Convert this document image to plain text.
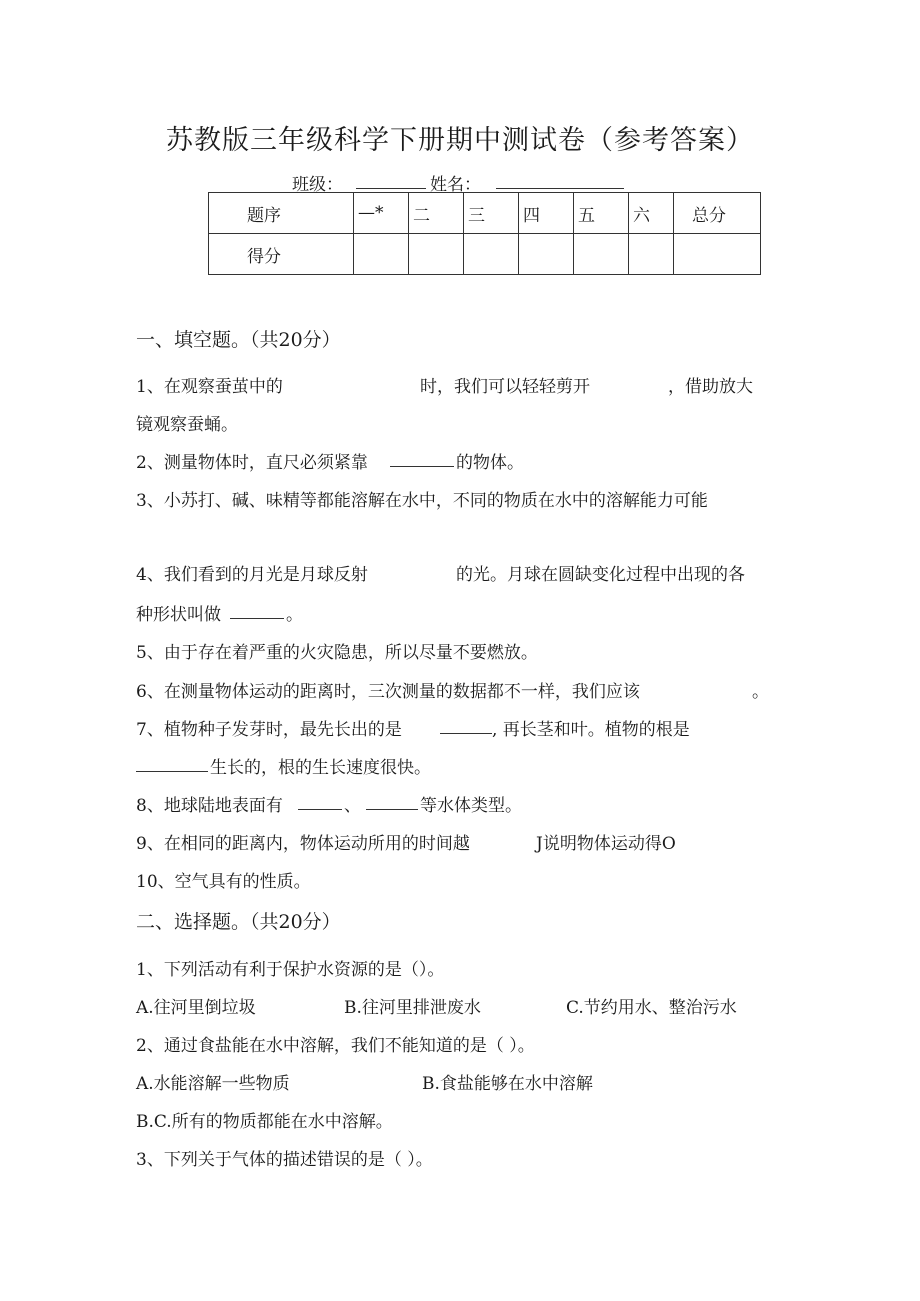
苏教版三年级科学下册期中测试卷（参考答案）
班级：	姓名：
题序	—*	二	三	四	五	六	总分
得分							
一、填空题。（共20分）
1、在观察蚕茧中的	时，我们可以轻轻剪开	，借助放大
镜观察蚕蛹。
2、测量物体时，直尺必须紧靠	的物体。
3、小苏打、碱、味精等都能溶解在水中，不同的物质在水中的溶解能力可能
4、我们看到的月光是月球反射	的光。月球在圆缺变化过程中出现的各
种形状叫做	。
5、由于存在着严重的火灾隐患，所以尽量不要燃放。
6、在测量物体运动的距离时，三次测量的数据都不一样，我们应该	。
7、植物种子发芽时，最先长出的是	, 再长茎和叶。植物的根是
生长的，根的生长速度很快。
8、地球陆地表面有	、	等水体类型。
9、在相同的距离内，物体运动所用的时间越	J说明物体运动得O
10、空气具有的性质。
二、选择题。（共20分）
1、下列活动有利于保护水资源的是（）。
A.往河里倒垃圾	B.往河里排泄废水	C.节约用水、整治污水
2、通过食盐能在水中溶解，我们不能知道的是（ ）。
A.水能溶解一些物质	B.食盐能够在水中溶解
B.C.所有的物质都能在水中溶解。
3、下列关于气体的描述错误的是（ ）。
